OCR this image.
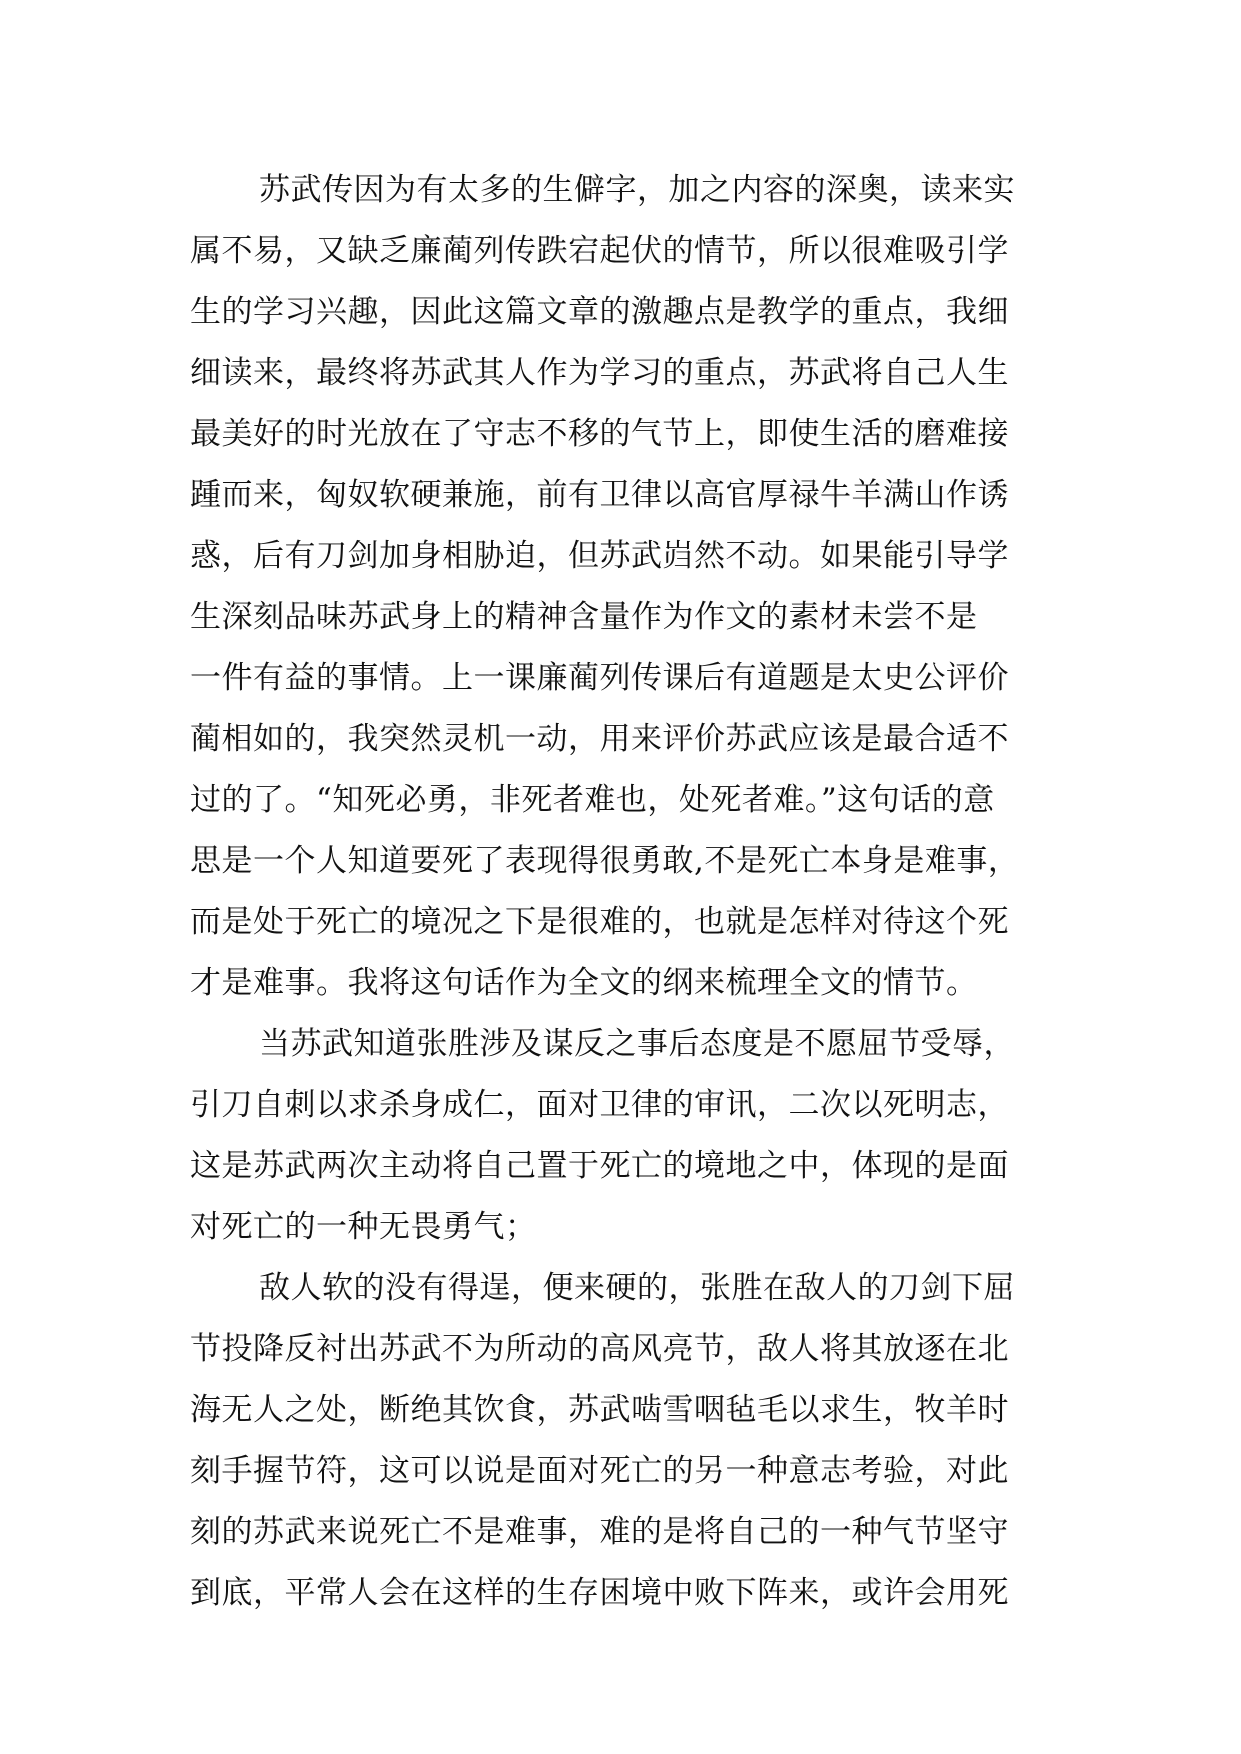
苏武传因为有太多的生僻字，加之内容的深奥，读来实
属不易，又缺乏廉蔺列传跌宕起伏的情节，所以很难吸引学
生的学习兴趣，因此这篇文章的激趣点是教学的重点，我细
细读来，最终将苏武其人作为学习的重点，苏武将自己人生
最美好的时光放在了守志不移的气节上，即使生活的磨难接
踵而来，匈奴软硬兼施，前有卫律以高官厚禄牛羊满山作诱
惑，后有刀剑加身相胁迫，但苏武岿然不动。如果能引导学
生深刻品味苏武身上的精神含量作为作文的素材未尝不是
一件有益的事情。上一课廉蔺列传课后有道题是太史公评价
蔺相如的，我突然灵机一动，用来评价苏武应该是最合适不
过的了。“知死必勇，非死者难也，处死者难。”这句话的意
思是一个人知道要死了表现得很勇敢,不是死亡本身是难事，
而是处于死亡的境况之下是很难的，也就是怎样对待这个死
才是难事。我将这句话作为全文的纲来梳理全文的情节。
当苏武知道张胜涉及谋反之事后态度是不愿屈节受辱，
引刀自刺以求杀身成仁，面对卫律的审讯，二次以死明志，
这是苏武两次主动将自己置于死亡的境地之中，体现的是面
对死亡的一种无畏勇气；
敌人软的没有得逞，便来硬的，张胜在敌人的刀剑下屈
节投降反衬出苏武不为所动的高风亮节，敌人将其放逐在北
海无人之处，断绝其饮食，苏武啮雪咽毡毛以求生，牧羊时
刻手握节符，这可以说是面对死亡的另一种意志考验，对此
刻的苏武来说死亡不是难事，难的是将自己的一种气节坚守
到底，平常人会在这样的生存困境中败下阵来，或许会用死
